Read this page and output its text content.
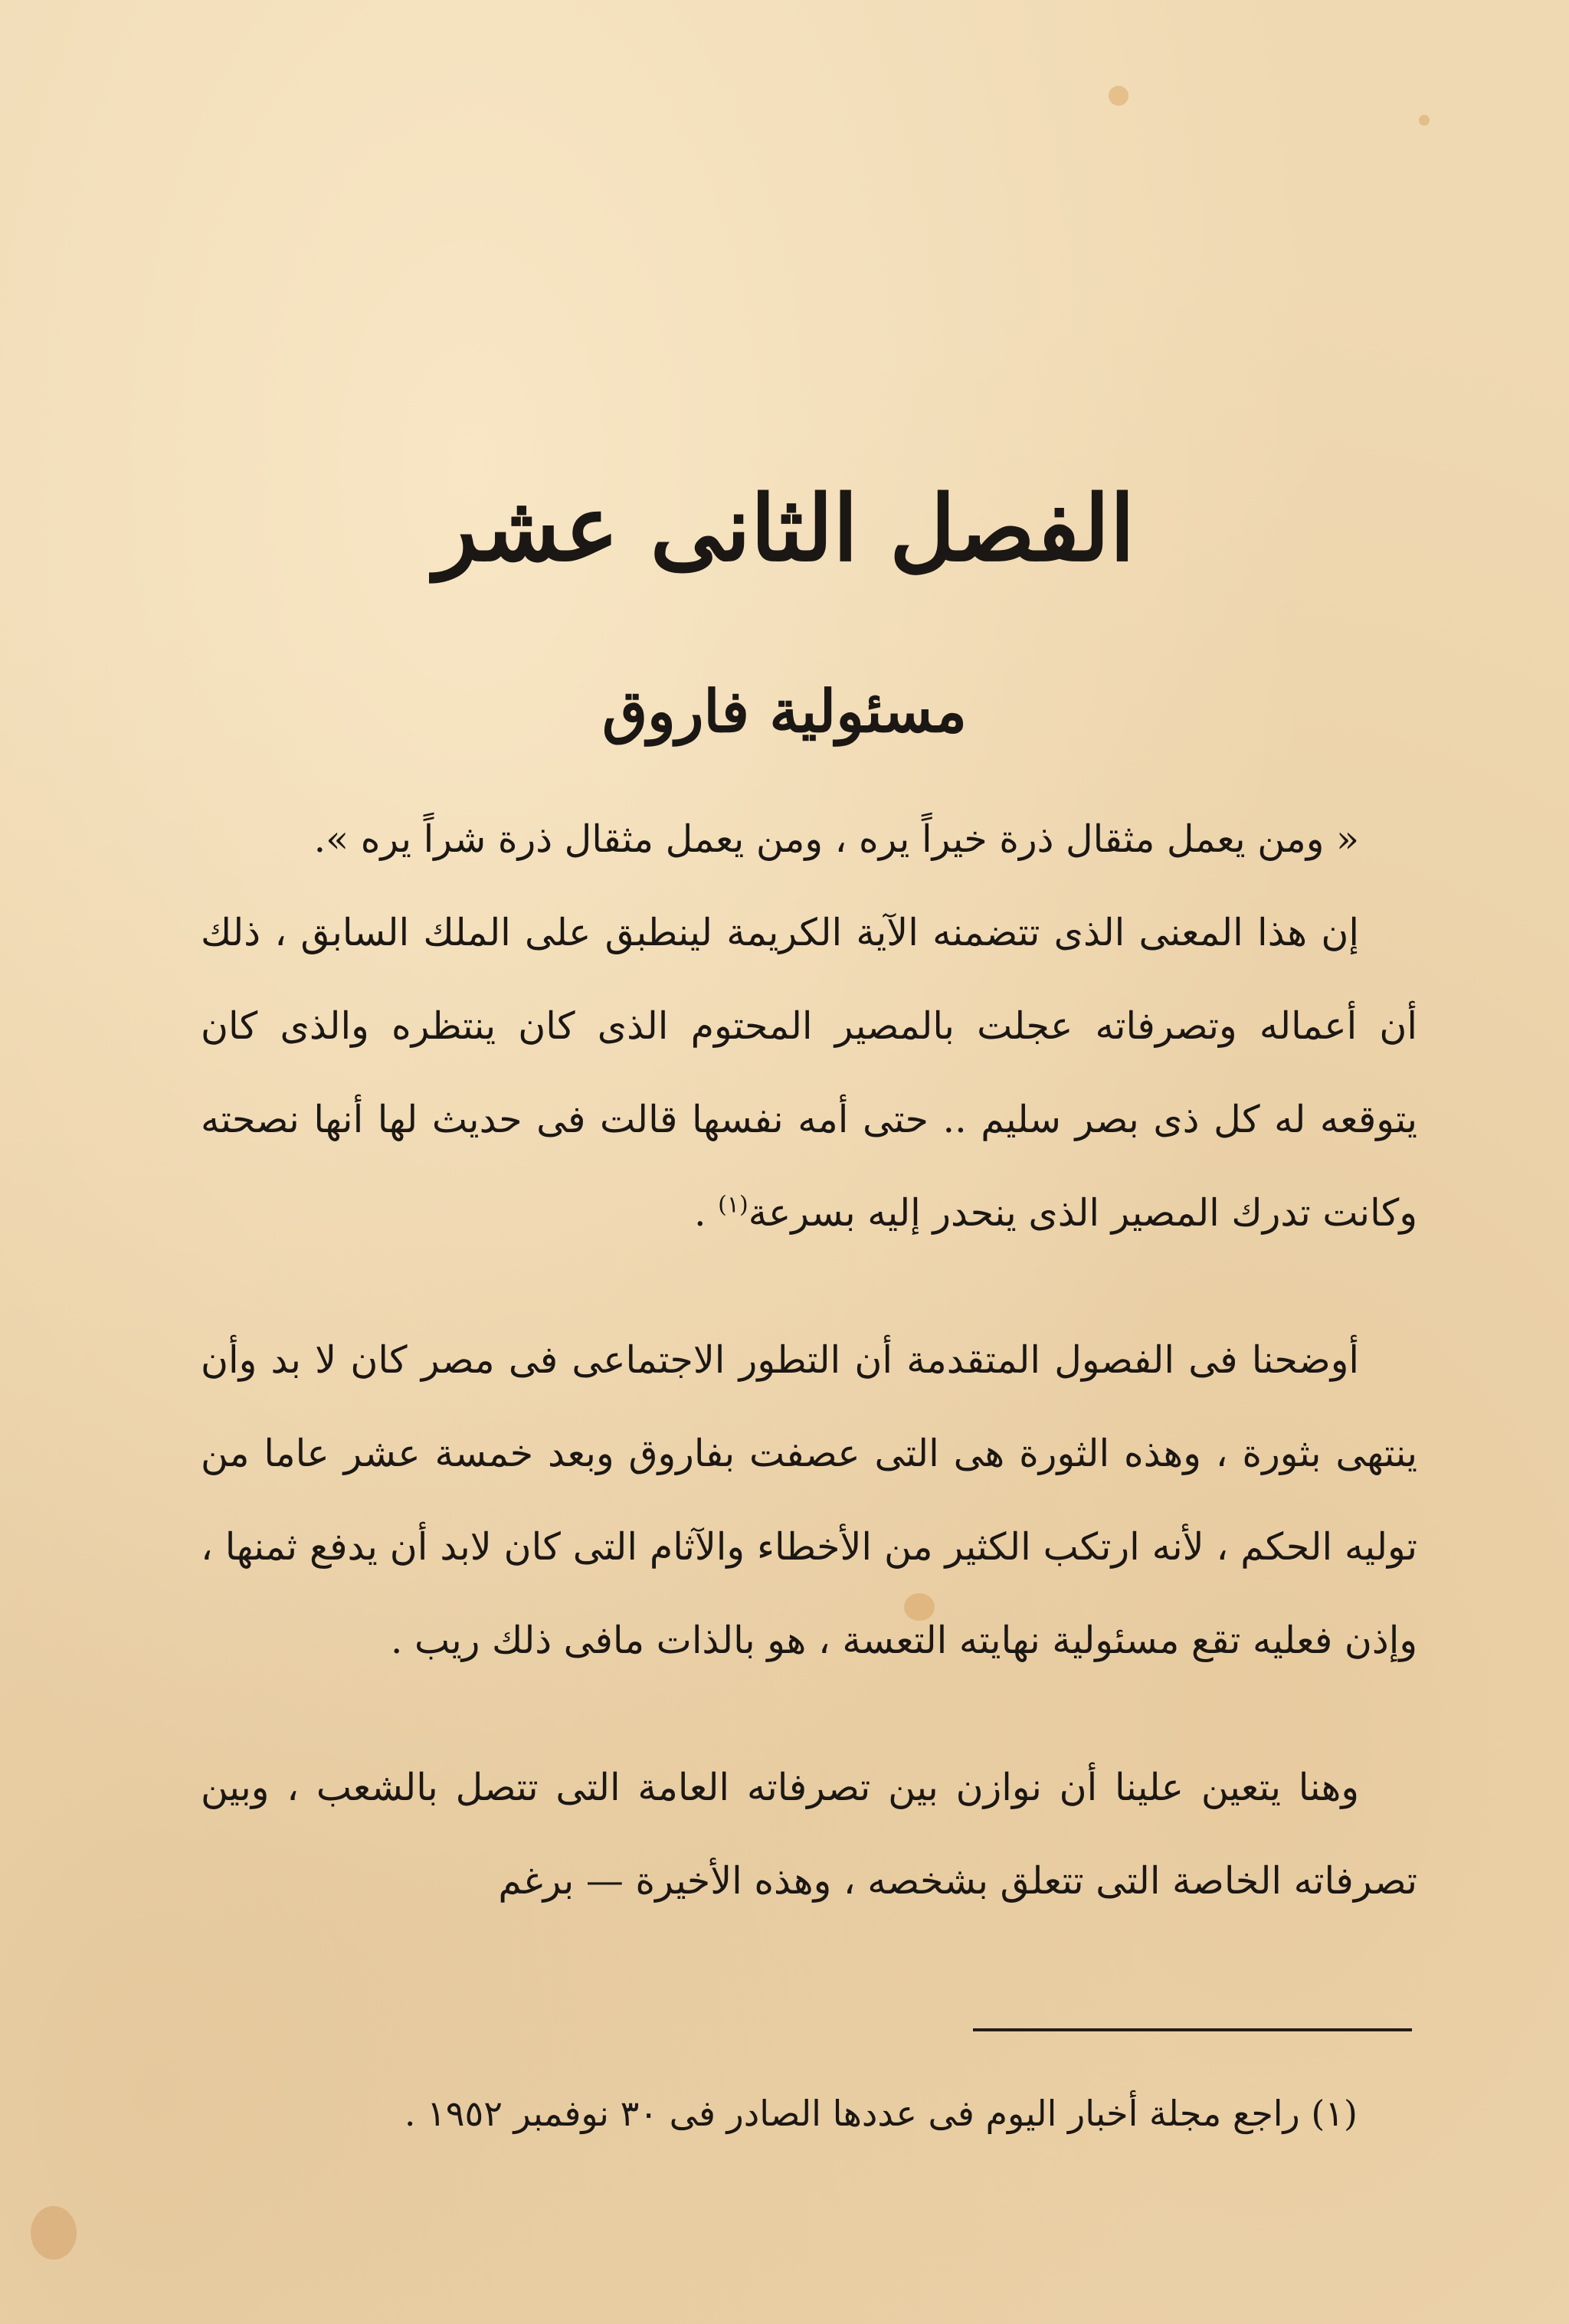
الفصل الثانى عشر
مسئولية فاروق

« ومن يعمل مثقال ذرة خيراً يره ، ومن يعمل مثقال ذرة شراً يره ».

إن هذا المعنى الذى تتضمنه الآية الكريمة لينطبق على الملك السابق ، ذلك أن أعماله وتصرفاته عجلت بالمصير المحتوم الذى كان ينتظره والذى كان يتوقعه له كل ذى بصر سليم .. حتى أمه نفسها قالت فى حديث لها أنها نصحته وكانت تدرك المصير الذى ينحدر إليه بسرعة$^{(١)}$ .

أوضحنا فى الفصول المتقدمة أن التطور الاجتماعى فى مصر كان لا بد وأن ينتهى بثورة ، وهذه الثورة هى التى عصفت بفاروق وبعد خمسة عشر عاما من توليه الحكم ، لأنه ارتكب الكثير من الأخطاء والآثام التى كان لابد أن يدفع ثمنها ، وإذن فعليه تقع مسئولية نهايته التعسة ، هو بالذات مافى ذلك ريب .

وهنا يتعين علينا أن نوازن بين تصرفاته العامة التى تتصل بالشعب ، وبين تصرفاته الخاصة التى تتعلق بشخصه ، وهذه الأخيرة — برغم

(١) راجع مجلة أخبار اليوم فى عددها الصادر فى ٣٠ نوفمبر ١٩٥٢ .
